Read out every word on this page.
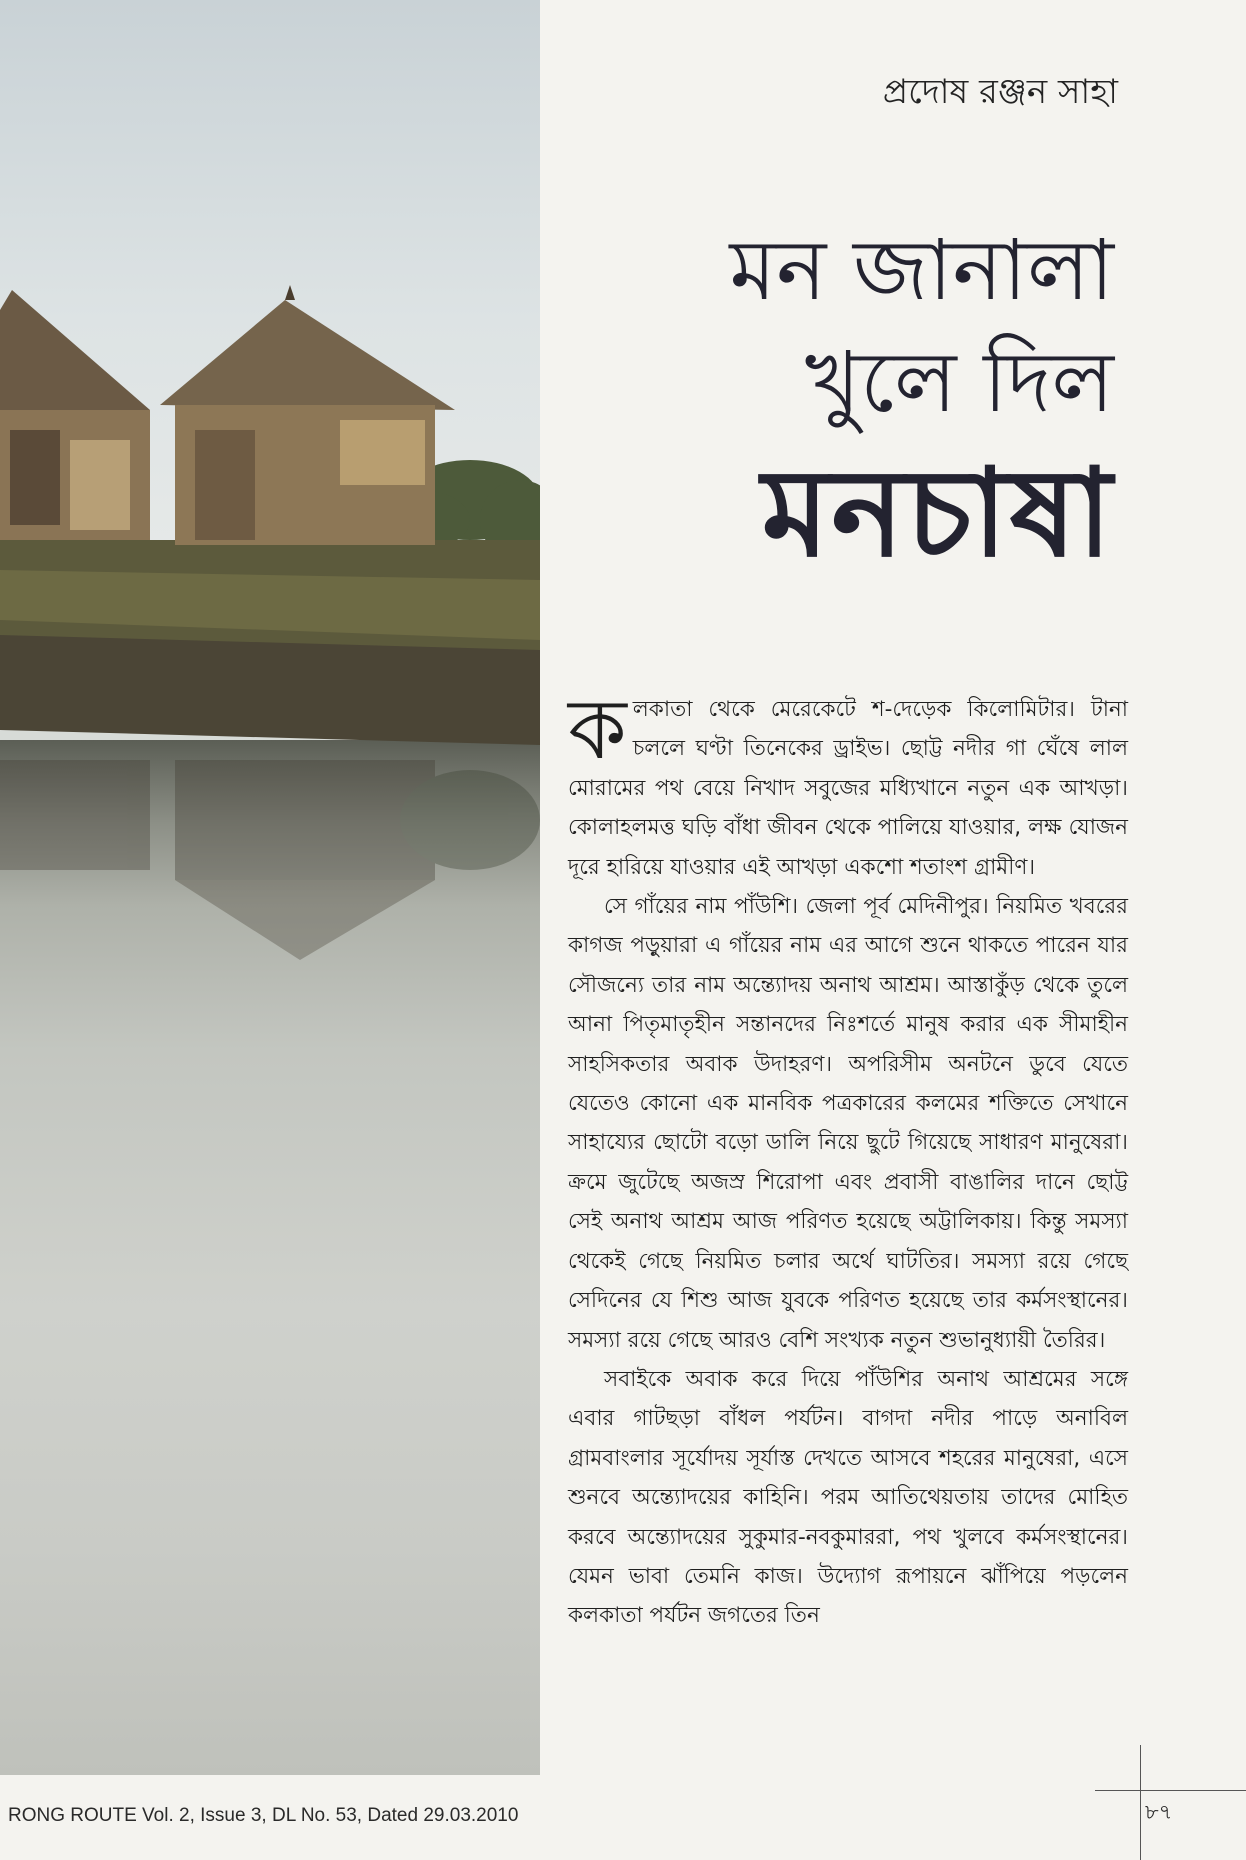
প্রদোষ রঞ্জন সাহা
মন জানালা
খুলে দিল
মনচাষা

কলকাতা থেকে মেরেকেটে শ-দেড়েক কিলোমিটার। টানা চললে ঘণ্টা তিনেকের ড্রাইভ। ছোট্ট নদীর গা ঘেঁষে লাল মোরামের পথ বেয়ে নিখাদ সবুজের মধ্যিখানে নতুন এক আখড়া। কোলাহলমত্ত ঘড়ি বাঁধা জীবন থেকে পালিয়ে যাওয়ার, লক্ষ যোজন দূরে হারিয়ে যাওয়ার এই আখড়া একশো শতাংশ গ্রামীণ।

সে গাঁয়ের নাম পাঁউশি। জেলা পূর্ব মেদিনীপুর। নিয়মিত খবরের কাগজ পড়ুয়ারা এ গাঁয়ের নাম এর আগে শুনে থাকতে পারেন যার সৌজন্যে তার নাম অন্ত্যোদয় অনাথ আশ্রম। আস্তাকুঁড় থেকে তুলে আনা পিতৃমাতৃহীন সন্তানদের নিঃশর্তে মানুষ করার এক সীমাহীন সাহসিকতার অবাক উদাহরণ। অপরিসীম অনটনে ডুবে যেতে যেতেও কোনো এক মানবিক পত্রকারের কলমের শক্তিতে সেখানে সাহায্যের ছোটো বড়ো ডালি নিয়ে ছুটে গিয়েছে সাধারণ মানুষেরা। ক্রমে জুটেছে অজস্র শিরোপা এবং প্রবাসী বাঙালির দানে ছোট্ট সেই অনাথ আশ্রম আজ পরিণত হয়েছে অট্টালিকায়। কিন্তু সমস্যা থেকেই গেছে নিয়মিত চলার অর্থে ঘাটতির। সমস্যা রয়ে গেছে সেদিনের যে শিশু আজ যুবকে পরিণত হয়েছে তার কর্মসংস্থানের। সমস্যা রয়ে গেছে আরও বেশি সংখ্যক নতুন শুভানুধ্যায়ী তৈরির।

সবাইকে অবাক করে দিয়ে পাঁউশির অনাথ আশ্রমের সঙ্গে এবার গাটছড়া বাঁধল পর্যটন। বাগদা নদীর পাড়ে অনাবিল গ্রামবাংলার সূর্যোদয় সূর্যাস্ত দেখতে আসবে শহরের মানুষেরা, এসে শুনবে অন্ত্যোদয়ের কাহিনি। পরম আতিথেয়তায় তাদের মোহিত করবে অন্ত্যোদয়ের সুকুমার-নবকুমাররা, পথ খুলবে কর্মসংস্থানের। যেমন ভাবা তেমনি কাজ। উদ্যোগ রূপায়নে ঝাঁপিয়ে পড়লেন কলকাতা পর্যটন জগতের তিন

RONG ROUTE Vol. 2, Issue 3, DL No. 53, Dated 29.03.2010	৮৭
